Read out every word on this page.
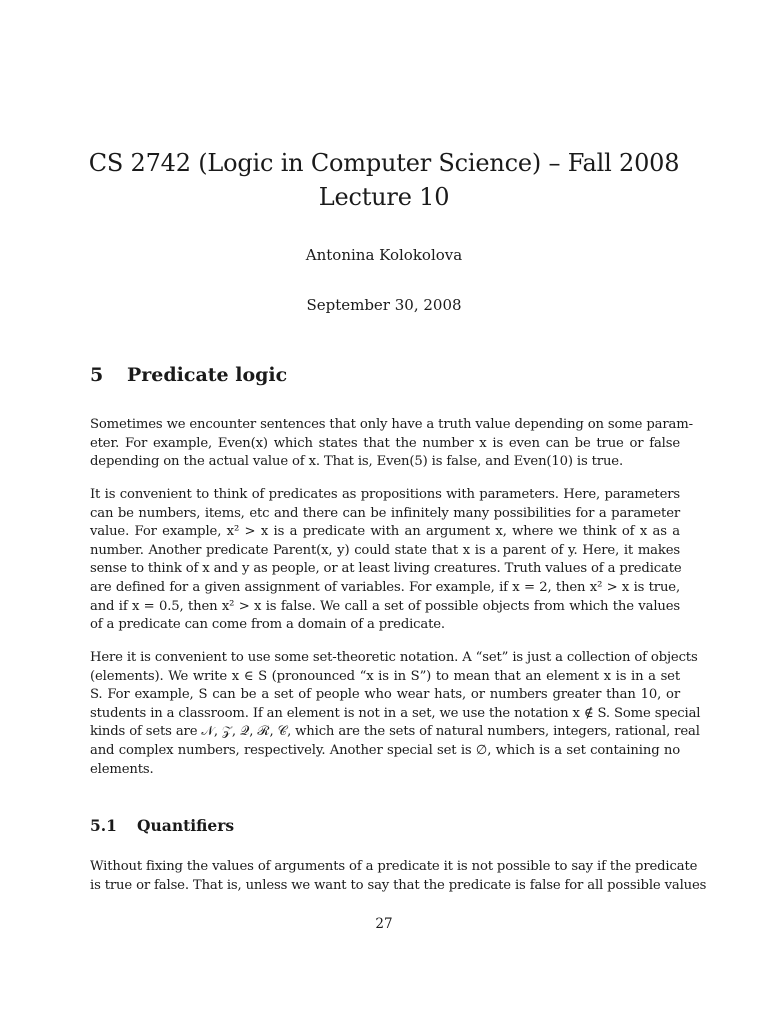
CS 2742 (Logic in Computer Science) – Fall 2008
Lecture 10
Antonina Kolokolova
September 30, 2008
5 Predicate logic
Sometimes we encounter sentences that only have a truth value depending on some param-
eter. For example, Even(x) which states that the number x is even can be true or false
depending on the actual value of x. That is, Even(5) is false, and Even(10) is true.
It is convenient to think of predicates as propositions with parameters. Here, parameters
can be numbers, items, etc and there can be infinitely many possibilities for a parameter
value. For example, x² > x is a predicate with an argument x, where we think of x as a
number. Another predicate Parent(x, y) could state that x is a parent of y. Here, it makes
sense to think of x and y as people, or at least living creatures. Truth values of a predicate
are defined for a given assignment of variables. For example, if x = 2, then x² > x is true,
and if x = 0.5, then x² > x is false. We call a set of possible objects from which the values
of a predicate can come from a domain of a predicate.
Here it is convenient to use some set-theoretic notation. A “set” is just a collection of objects
(elements). We write x ∈ S (pronounced “x is in S”) to mean that an element x is in a set
S. For example, S can be a set of people who wear hats, or numbers greater than 10, or
students in a classroom. If an element is not in a set, we use the notation x ∉ S. Some special
kinds of sets are 𝒩, 𝒵, 𝒬, ℛ, 𝒞, which are the sets of natural numbers, integers, rational, real
and complex numbers, respectively. Another special set is ∅, which is a set containing no
elements.
5.1 Quantifiers
Without fixing the values of arguments of a predicate it is not possible to say if the predicate
is true or false. That is, unless we want to say that the predicate is false for all possible values
27
